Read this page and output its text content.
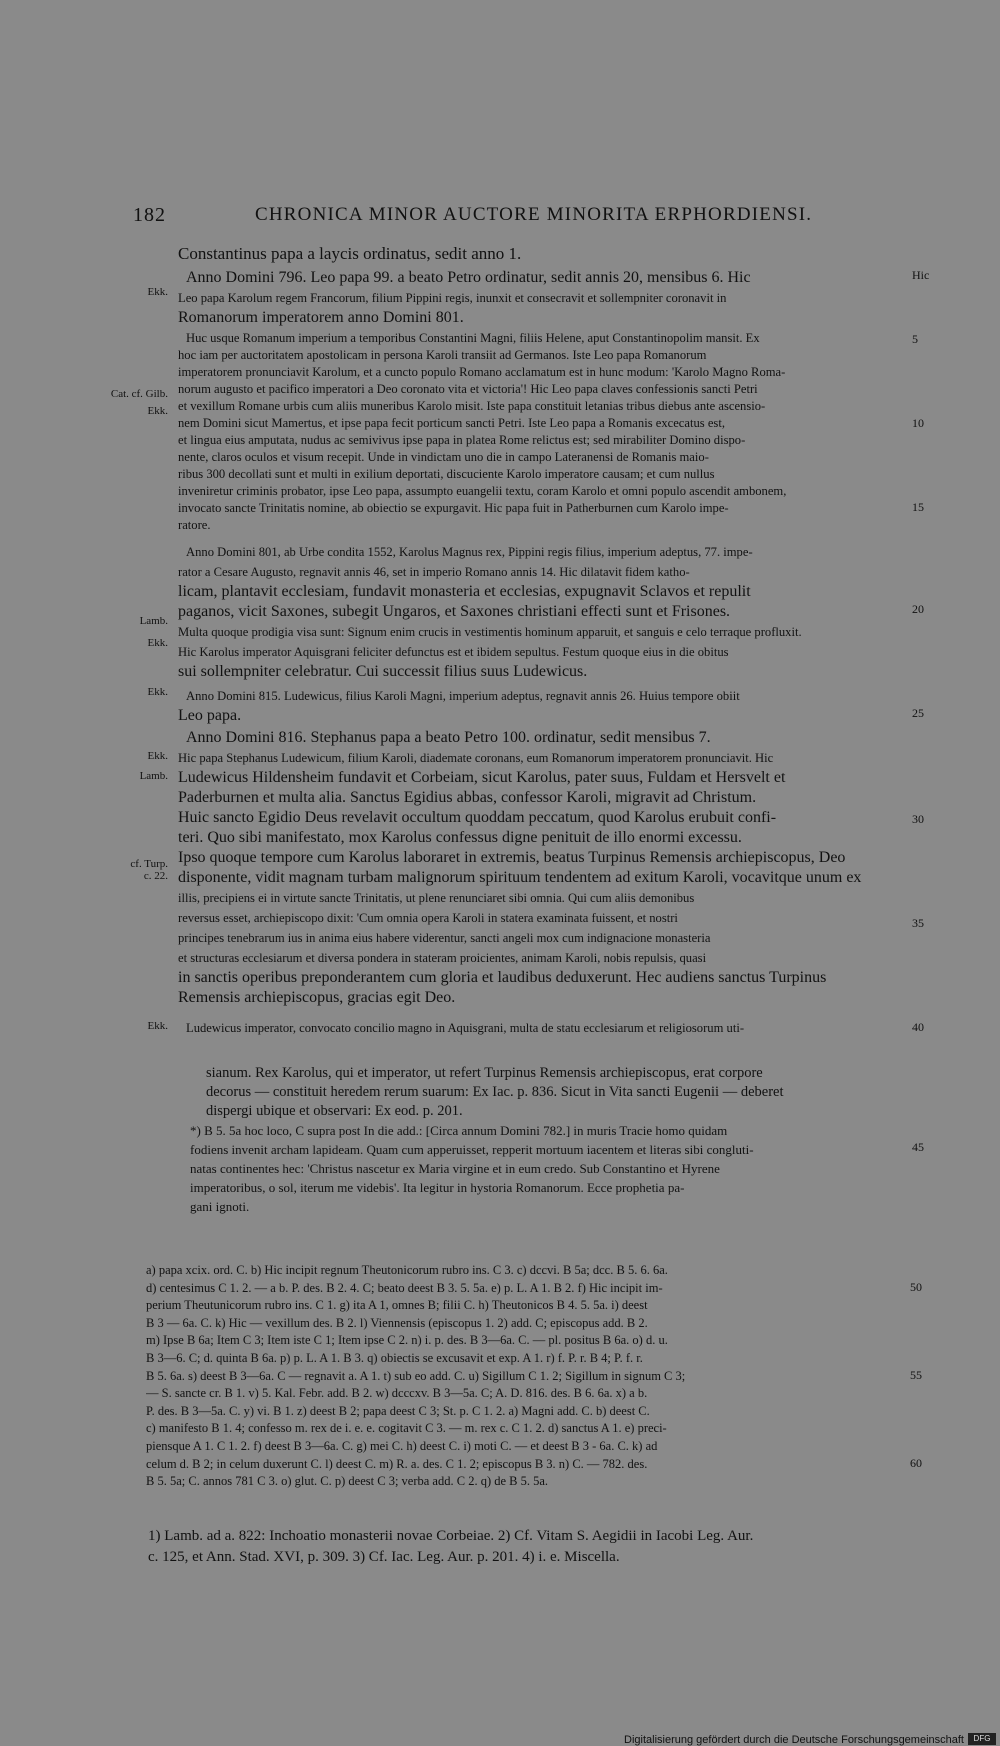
182	CHRONICA MINOR AUCTORE MINORITA ERPHORDIENSI.
Constantinus papa a laycis ordinatus, sedit anno 1.
Anno Domini 796. Leo papa 99. a beato Petro ordinatur, sedit annis 20, mensibus 6. Hic
Leo papa Karolum regem Francorum, filium Pippini regis, inunxit et consecravit et sollempniter coronavit in
Romanorum imperatorem anno Domini 801.
Huc usque Romanum imperium a temporibus Constantini Magni, filiis Helene, aput Constantinopolim mansit. Ex
hoc iam per auctoritatem apostolicam in persona Karoli transiit ad Germanos. Iste Leo papa Romanorum
imperatorem pronunciavit Karolum, et a cuncto populo Romano acclamatum est in hunc modum: 'Karolo Magno Roma-
norum augusto et pacifico imperatori a Deo coronato vita et victoria'! Hic Leo papa claves confessionis sancti Petri
et vexillum Romane urbis cum aliis muneribus Karolo misit. Iste papa constituit letanias tribus diebus ante ascensio-
nem Domini sicut Mamertus, et ipse papa fecit porticum sancti Petri. Iste Leo papa a Romanis excecatus est,
et lingua eius amputata, nudus ac semivivus ipse papa in platea Rome relictus est; sed mirabiliter Domino dispo-
nente, claros oculos et visum recepit. Unde in vindictam uno die in campo Lateranensi de Romanis maio-
ribus 300 decollati sunt et multi in exilium deportati, discuciente Karolo imperatore causam; et cum nullus
inveniretur criminis probator, ipse Leo papa, assumpto euangelii textu, coram Karolo et omni populo ascendit ambonem,
invocato sancte Trinitatis nomine, ab obiectio se expurgavit. Hic papa fuit in Patherburnen cum Karolo impe-
ratore.
Anno Domini 801, ab Urbe condita 1552, Karolus Magnus rex, Pippini regis filius, imperium adeptus, 77. impe-
rator a Cesare Augusto, regnavit annis 46, set in imperio Romano annis 14. Hic dilatavit fidem katho-
licam, plantavit ecclesiam, fundavit monasteria et ecclesias, expugnavit Sclavos et repulit
paganos, vicit Saxones, subegit Ungaros, et Saxones christiani effecti sunt et Frisones.
Multa quoque prodigia visa sunt: Signum enim crucis in vestimentis hominum apparuit, et sanguis e celo terraque profluxit.
Hic Karolus imperator Aquisgrani feliciter defunctus est et ibidem sepultus. Festum quoque eius in die obitus
sui sollempniter celebratur. Cui successit filius suus Ludewicus.
Anno Domini 815. Ludewicus, filius Karoli Magni, imperium adeptus, regnavit annis 26. Huius tempore obiit
Leo papa.
Anno Domini 816. Stephanus papa a beato Petro 100. ordinatur, sedit mensibus 7.
Hic papa Stephanus Ludewicum, filium Karoli, diademate coronans, eum Romanorum imperatorem pronunciavit. Hic
Ludewicus Hildensheim fundavit et Corbeiam, sicut Karolus, pater suus, Fuldam et Hersvelt et
Paderburnen et multa alia. Sanctus Egidius abbas, confessor Karoli, migravit ad Christum.
Huic sancto Egidio Deus revelavit occultum quoddam peccatum, quod Karolus erubuit confi-
teri. Quo sibi manifestato, mox Karolus confessus digne penituit de illo enormi excessu.
Ipso quoque tempore cum Karolus laboraret in extremis, beatus Turpinus Remensis archiepiscopus, Deo
disponente, vidit magnam turbam malignorum spirituum tendentem ad exitum Karoli, vocavitque unum ex
illis, precipiens ei in virtute sancte Trinitatis, ut plene renunciaret sibi omnia. Qui cum aliis demonibus
reversus esset, archiepiscopo dixit: 'Cum omnia opera Karoli in statera examinata fuissent, et nostri
principes tenebrarum ius in anima eius habere viderentur, sancti angeli mox cum indignacione monasteria
et structuras ecclesiarum et diversa pondera in stateram proicientes, animam Karoli, nobis repulsis, quasi
in sanctis operibus preponderantem cum gloria et laudibus deduxerunt. Hec audiens sanctus Turpinus
Remensis archiepiscopus, gracias egit Deo.
Ludewicus imperator, convocato concilio magno in Aquisgrani, multa de statu ecclesiarum et religiosorum uti-
Ekk.
Cat. cf. Gilb.
Ekk.
Lamb.
Ekk.
Ekk.
Ekk.
Lamb.
cf. Turp.
c. 22.
Ekk.
Hic
5
10
15
20
25
30
35
40
sianum. Rex Karolus, qui et imperator, ut refert Turpinus Remensis archiepiscopus, erat corpore
decorus — constituit heredem rerum suarum: Ex Iac. p. 836. Sicut in Vita sancti Eugenii — deberet
dispergi ubique et observari: Ex eod. p. 201.
*) B 5. 5a hoc loco, C supra post In die add.: [Circa annum Domini 782.] in muris Tracie homo quidam
fodiens invenit archam lapideam. Quam cum apperuisset, repperit mortuum iacentem et literas sibi congluti-
natas continentes hec: 'Christus nascetur ex Maria virgine et in eum credo. Sub Constantino et Hyrene
imperatoribus, o sol, iterum me videbis'. Ita legitur in hystoria Romanorum. Ecce prophetia pa-
gani ignoti.
45
a) papa xcix. ord. C. b) Hic incipit regnum Theutonicorum rubro ins. C 3. c) dccvi. B 5a; dcc. B 5. 6. 6a.
d) centesimus C 1. 2. — a b. P. des. B 2. 4. C; beato deest B 3. 5. 5a. e) p. L. A 1. B 2. f) Hic incipit im-
perium Theutunicorum rubro ins. C 1. g) ita A 1, omnes B; filii C. h) Theutonicos B 4. 5. 5a. i) deest
B 3 — 6a. C. k) Hic — vexillum des. B 2. l) Viennensis (episcopus 1. 2) add. C; episcopus add. B 2.
m) Ipse B 6a; Item C 3; Item iste C 1; Item ipse C 2. n) i. p. des. B 3—6a. C. — pl. positus B 6a. o) d. u.
B 3—6. C; d. quinta B 6a. p) p. L. A 1. B 3. q) obiectis se excusavit et exp. A 1. r) f. P. r. B 4; P. f. r.
B 5. 6a. s) deest B 3—6a. C — regnavit a. A 1. t) sub eo add. C. u) Sigillum C 1. 2; Sigillum in signum C 3;
— S. sancte cr. B 1. v) 5. Kal. Febr. add. B 2. w) dcccxv. B 3—5a. C; A. D. 816. des. B 6. 6a. x) a b.
P. des. B 3—5a. C. y) vi. B 1. z) deest B 2; papa deest C 3; St. p. C 1. 2. a) Magni add. C. b) deest C.
c) manifesto B 1. 4; confesso m. rex de i. e. e. cogitavit C 3. — m. rex c. C 1. 2. d) sanctus A 1. e) preci-
piensque A 1. C 1. 2. f) deest B 3—6a. C. g) mei C. h) deest C. i) moti C. — et deest B 3 - 6a. C. k) ad
celum d. B 2; in celum duxerunt C. l) deest C. m) R. a. des. C 1. 2; episcopus B 3. n) C. — 782. des.
B 5. 5a; C. annos 781 C 3. o) glut. C. p) deest C 3; verba add. C 2. q) de B 5. 5a.
50
55
60
1) Lamb. ad a. 822: Inchoatio monasterii novae Corbeiae. 2) Cf. Vitam S. Aegidii in Iacobi Leg. Aur.
c. 125, et Ann. Stad. XVI, p. 309. 3) Cf. Iac. Leg. Aur. p. 201. 4) i. e. Miscella.
Digitalisierung gefördert durch die Deutsche Forschungsgemeinschaft	DFG
